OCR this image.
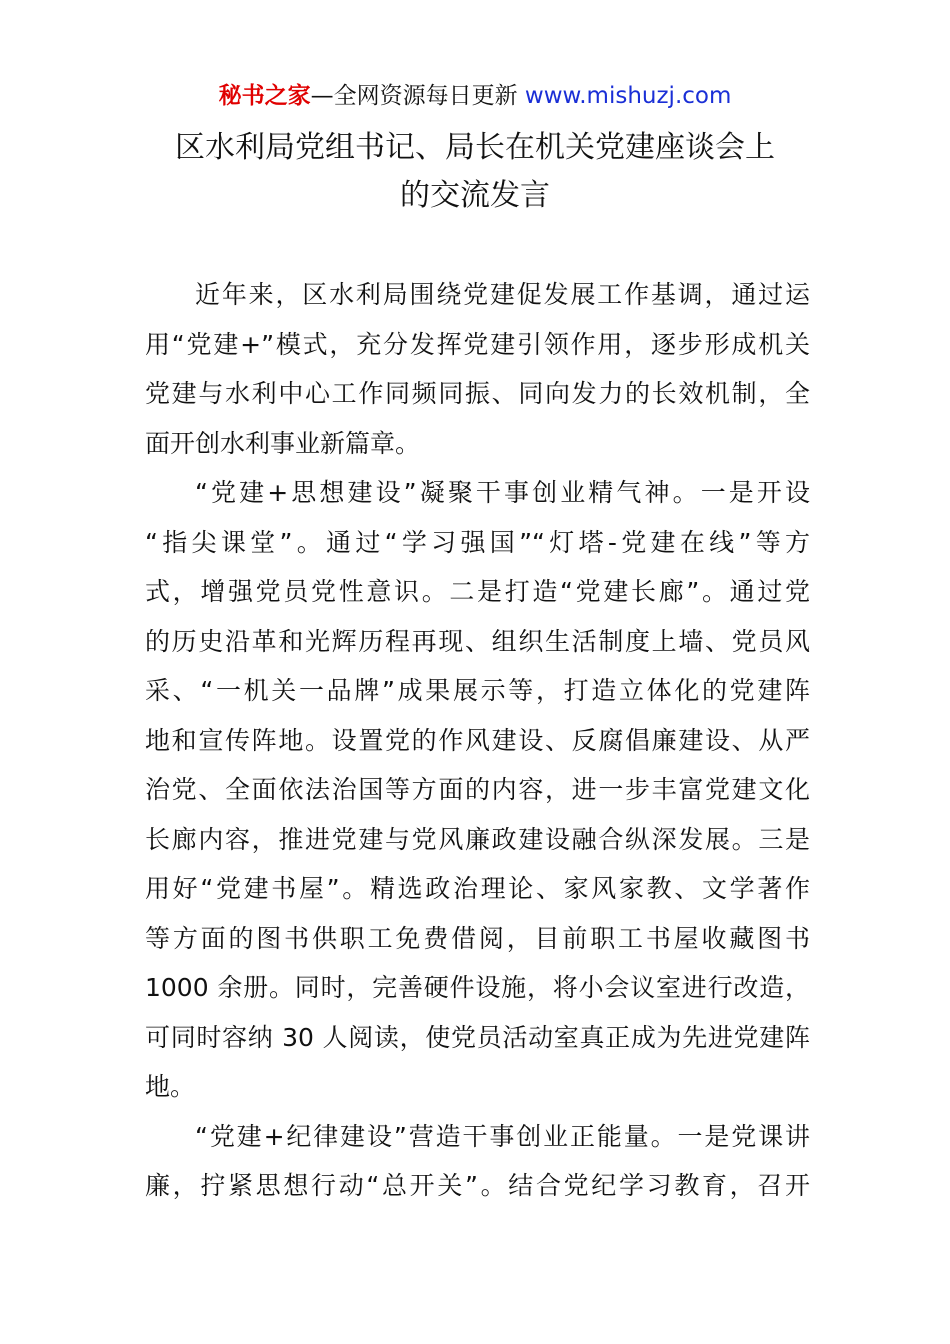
秘书之家—全网资源每日更新 www.mishuzj.com
区水利局党组书记、局长在机关党建座谈会上
的交流发言
近年来，区水利局围绕党建促发展工作基调，通过运
用“党建+”模式，充分发挥党建引领作用，逐步形成机关
党建与水利中心工作同频同振、同向发力的长效机制，全
面开创水利事业新篇章。
“党建+思想建设”凝聚干事创业精气神。一是开设
“指尖课堂”。通过“学习强国”“灯塔-党建在线”等方
式，增强党员党性意识。二是打造“党建长廊”。通过党
的历史沿革和光辉历程再现、组织生活制度上墙、党员风
采、“一机关一品牌”成果展示等，打造立体化的党建阵
地和宣传阵地。设置党的作风建设、反腐倡廉建设、从严
治党、全面依法治国等方面的内容，进一步丰富党建文化
长廊内容，推进党建与党风廉政建设融合纵深发展。三是
用好“党建书屋”。精选政治理论、家风家教、文学著作
等方面的图书供职工免费借阅，目前职工书屋收藏图书
1000 余册。同时，完善硬件设施，将小会议室进行改造，
可同时容纳 30 人阅读，使党员活动室真正成为先进党建阵
地。
“党建+纪律建设”营造干事创业正能量。一是党课讲
廉，拧紧思想行动“总开关”。结合党纪学习教育，召开
